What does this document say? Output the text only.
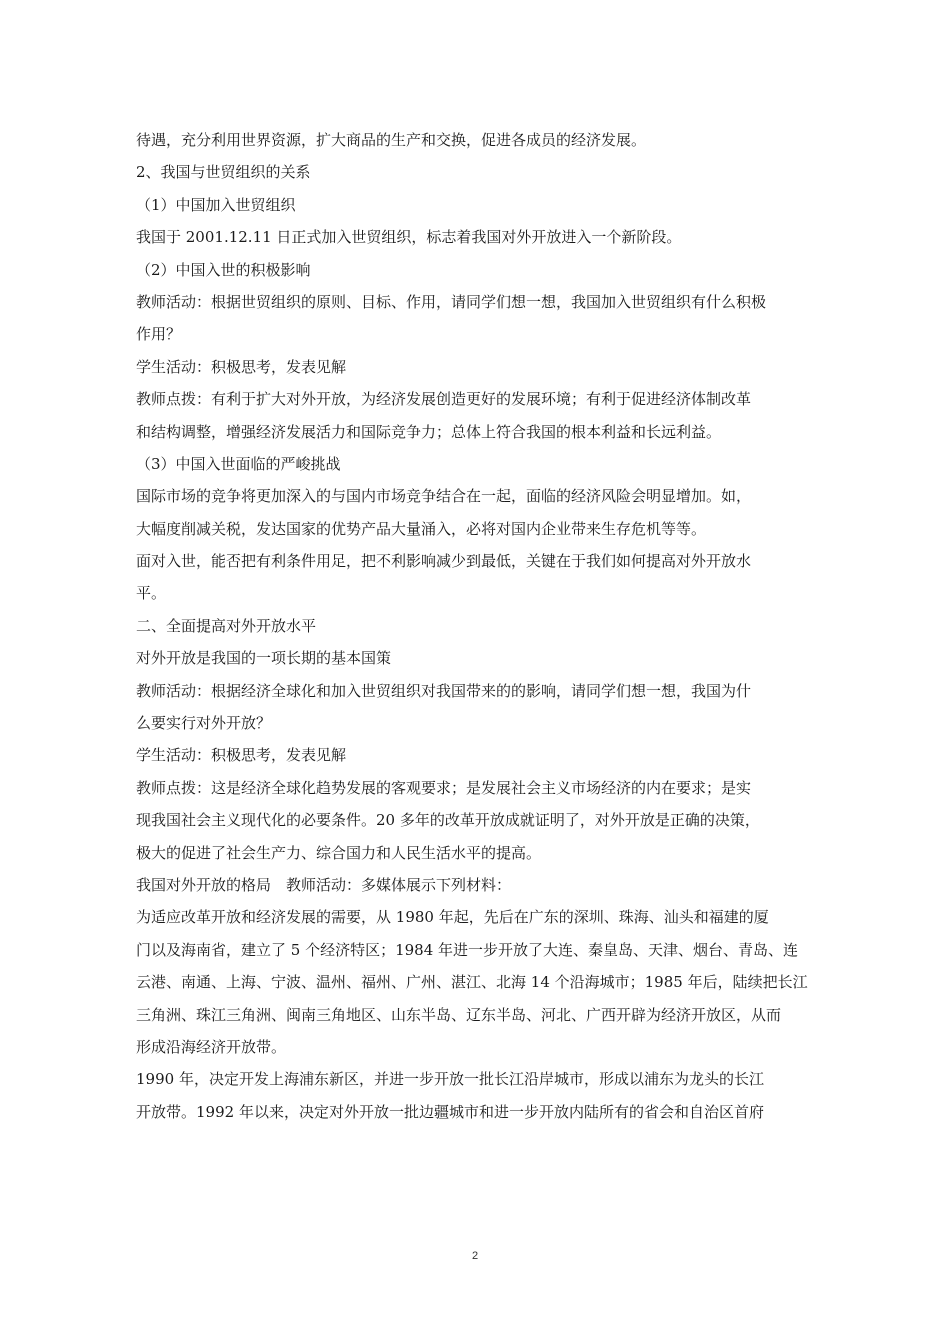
待遇，充分利用世界资源，扩大商品的生产和交换，促进各成员的经济发展。
2、我国与世贸组织的关系
（1）中国加入世贸组织
我国于 2001.12.11 日正式加入世贸组织，标志着我国对外开放进入一个新阶段。
（2）中国入世的积极影响
教师活动：根据世贸组织的原则、目标、作用，请同学们想一想，我国加入世贸组织有什么积极
作用？
学生活动：积极思考，发表见解
教师点拨：有利于扩大对外开放，为经济发展创造更好的发展环境；有利于促进经济体制改革
和结构调整，增强经济发展活力和国际竞争力；总体上符合我国的根本利益和长远利益。
（3）中国入世面临的严峻挑战
国际市场的竞争将更加深入的与国内市场竞争结合在一起，面临的经济风险会明显增加。如，
大幅度削减关税，发达国家的优势产品大量涌入，必将对国内企业带来生存危机等等。
面对入世，能否把有利条件用足，把不利影响减少到最低，关键在于我们如何提高对外开放水
平。
二、全面提高对外开放水平
对外开放是我国的一项长期的基本国策
教师活动：根据经济全球化和加入世贸组织对我国带来的的影响，请同学们想一想，我国为什
么要实行对外开放？
学生活动：积极思考，发表见解
教师点拨：这是经济全球化趋势发展的客观要求；是发展社会主义市场经济的内在要求；是实
现我国社会主义现代化的必要条件。20 多年的改革开放成就证明了，对外开放是正确的决策，
极大的促进了社会生产力、综合国力和人民生活水平的提高。
我国对外开放的格局　教师活动：多媒体展示下列材料：
为适应改革开放和经济发展的需要，从 1980 年起，先后在广东的深圳、珠海、汕头和福建的厦
门以及海南省，建立了 5 个经济特区；1984 年进一步开放了大连、秦皇岛、天津、烟台、青岛、连
云港、南通、上海、宁波、温州、福州、广州、湛江、北海 14 个沿海城市；1985 年后，陆续把长江
三角洲、珠江三角洲、闽南三角地区、山东半岛、辽东半岛、河北、广西开辟为经济开放区，从而
形成沿海经济开放带。
1990 年，决定开发上海浦东新区，并进一步开放一批长江沿岸城市，形成以浦东为龙头的长江
开放带。1992 年以来，决定对外开放一批边疆城市和进一步开放内陆所有的省会和自治区首府
2
